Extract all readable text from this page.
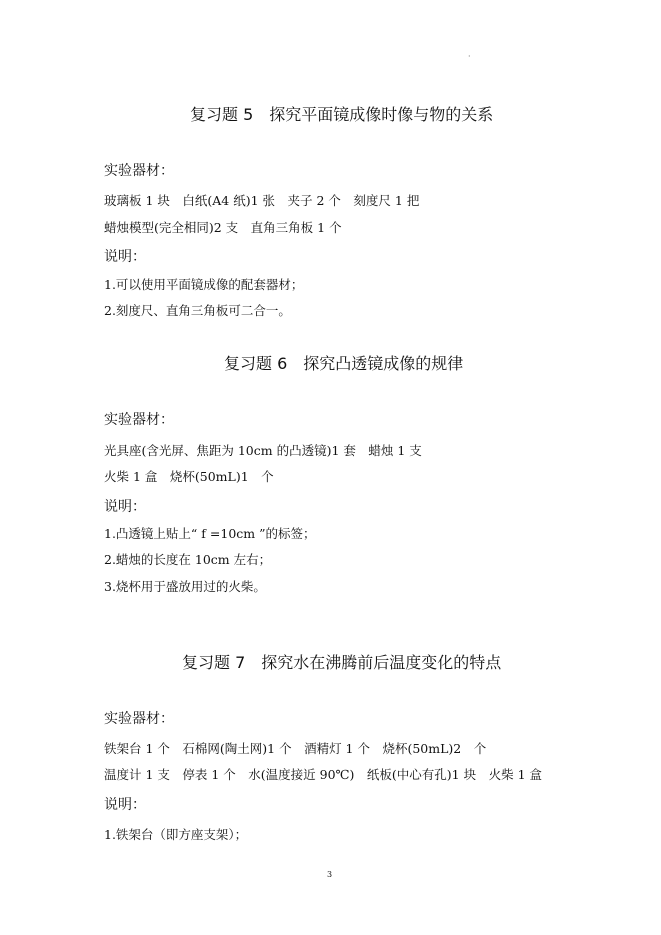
·
复习题 5　探究平面镜成像时像与物的关系
实验器材：
玻璃板 1 块　白纸(A4 纸)1 张　夹子 2 个　刻度尺 1 把
蜡烛模型(完全相同)2 支　直角三角板 1 个
说明：
1.可以使用平面镜成像的配套器材；
2.刻度尺、直角三角板可二合一。
复习题 6　探究凸透镜成像的规律
实验器材：
光具座(含光屏、焦距为 10cm 的凸透镜)1 套　蜡烛 1 支
火柴 1 盒　烧杯(50mL)1　个
说明：
1.凸透镜上贴上“ f =10cm ”的标签；
2.蜡烛的长度在 10cm 左右；
3.烧杯用于盛放用过的火柴。
复习题 7　探究水在沸腾前后温度变化的特点
实验器材：
铁架台 1 个　石棉网(陶土网)1 个　酒精灯 1 个　烧杯(50mL)2　个
温度计 1 支　停表 1 个　水(温度接近 90℃)　纸板(中心有孔)1 块　火柴 1 盒
说明：
1.铁架台（即方座支架）；
3
